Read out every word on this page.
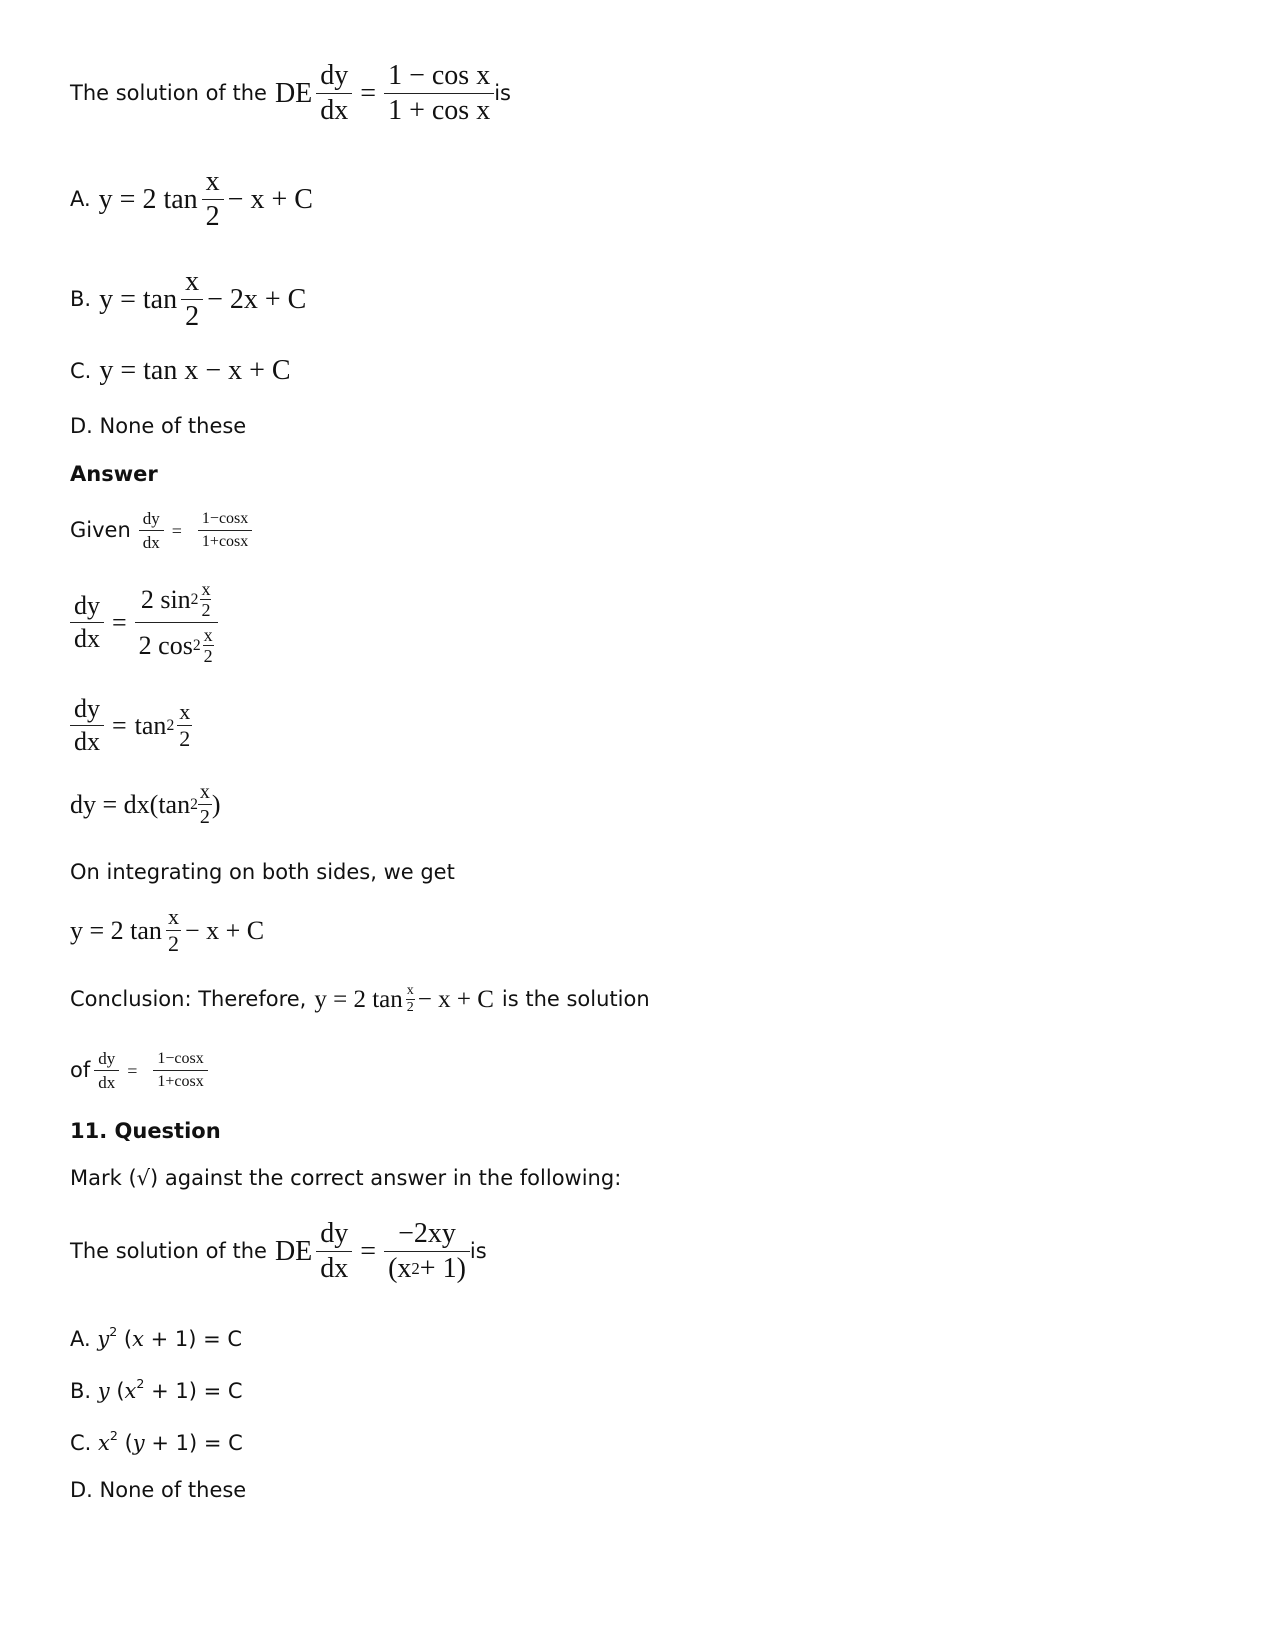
The solution of the DE $\frac{dy}{dx} = \frac{\text{1 − cos x}}{\text{1 + cos x}}$ is
A. y = 2 $\tan \frac{x}{2} - x + C$
B. $y = \tan \frac{x}{2} - 2x + C$
C. y = tan x − x + C
D. None of these
Answer
Given $\frac{dy}{dx} = \frac{1-\cos x}{1+\cos x}$
$\frac{dy}{dx} = \frac{2 \sin 2 \frac{x}{2}}{2 \cos 2 \frac{x}{2}}$
$\frac{dy}{dx} = \tan 2 \frac{x}{2}$
dy = dx(tan $2 \frac{x}{2}$ )
On integrating on both sides, we get
y = 2 $\tan \frac{x}{2} - x + C$
Conclusion: Therefore, y = 2 $\tan \frac{x}{2} - x + C$ is the solution
of $\frac{dy}{dx} = \frac{1-\cos x}{1+\cos x}$
11. Question
Mark (√) against the correct answer in the following:
The solution of the DE $\frac{dy}{dx} = \frac{-2xy}{(x 2 + 1)}$ is
A. $y^2$ (x + 1) = C
B. y $(x^2 + 1) = C$
C. $x^2$ (y + 1) = C
D. None of these
